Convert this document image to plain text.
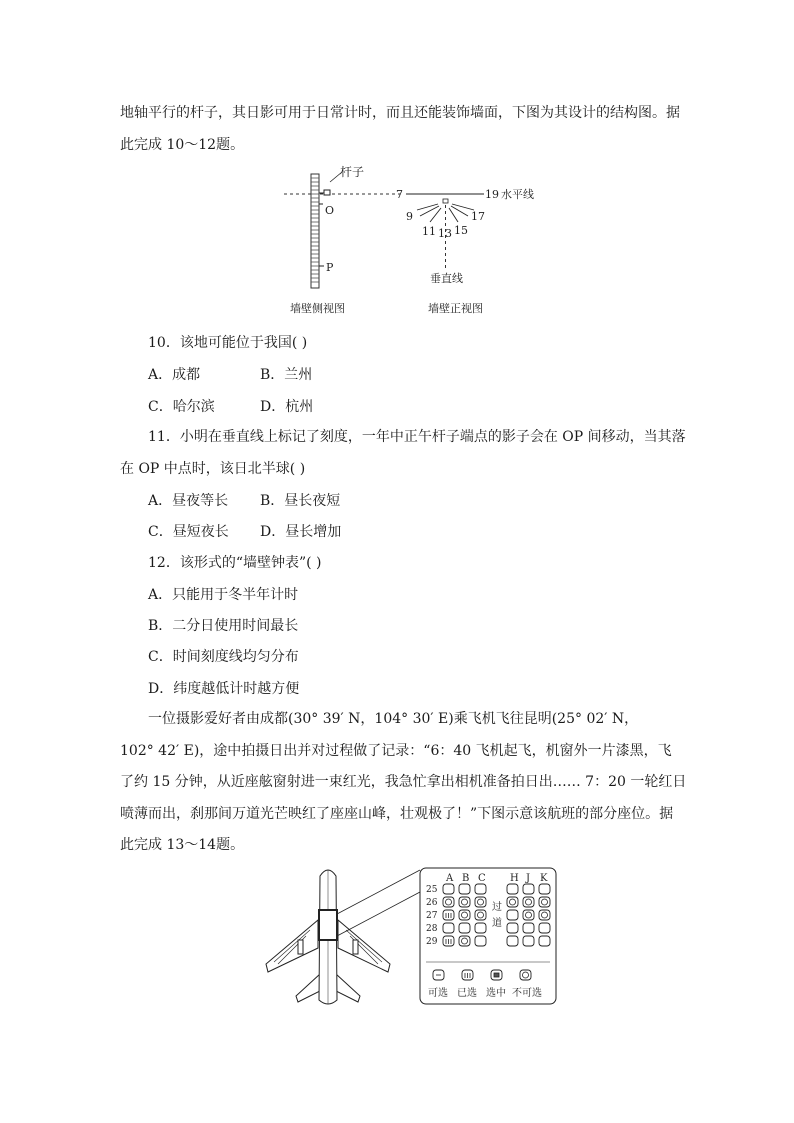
地轴平行的杆子，其日影可用于日常计时，而且还能装饰墙面，下图为其设计的结构图。据
此完成 10～12题。
杆子
O
P
墙壁侧视图
7	19 水平线
9
11 13 15
17
垂直线
墙壁正视图
10．该地可能位于我国( )
A．成都	B．兰州
C．哈尔滨	D．杭州
11．小明在垂直线上标记了刻度，一年中正午杆子端点的影子会在 OP 间移动，当其落
在 OP 中点时，该日北半球( )
A．昼夜等长 B．昼长夜短
C．昼短夜长 D．昼长增加
12．该形式的“墙壁钟表”( )
A．只能用于冬半年计时
B．二分日使用时间最长
C．时间刻度线均匀分布
D．纬度越低计时越方便
一位摄影爱好者由成都(30° 39′ N，104° 30′ E)乘飞机飞往昆明(25° 02′ N，
102° 42′ E)，途中拍摄日出并对过程做了记录：“6：40 飞机起飞，机窗外一片漆黑，飞
了约 15 分钟，从近座舷窗射进一束红光，我急忙拿出相机准备拍日出…… 7：20 一轮红日
喷薄而出，刹那间万道光芒映红了座座山峰，壮观极了！”下图示意该航班的部分座位。据
此完成 13～14题。
A B C H J K
25
26
27
28
29
过
道
可选 已选 选中 不可选
